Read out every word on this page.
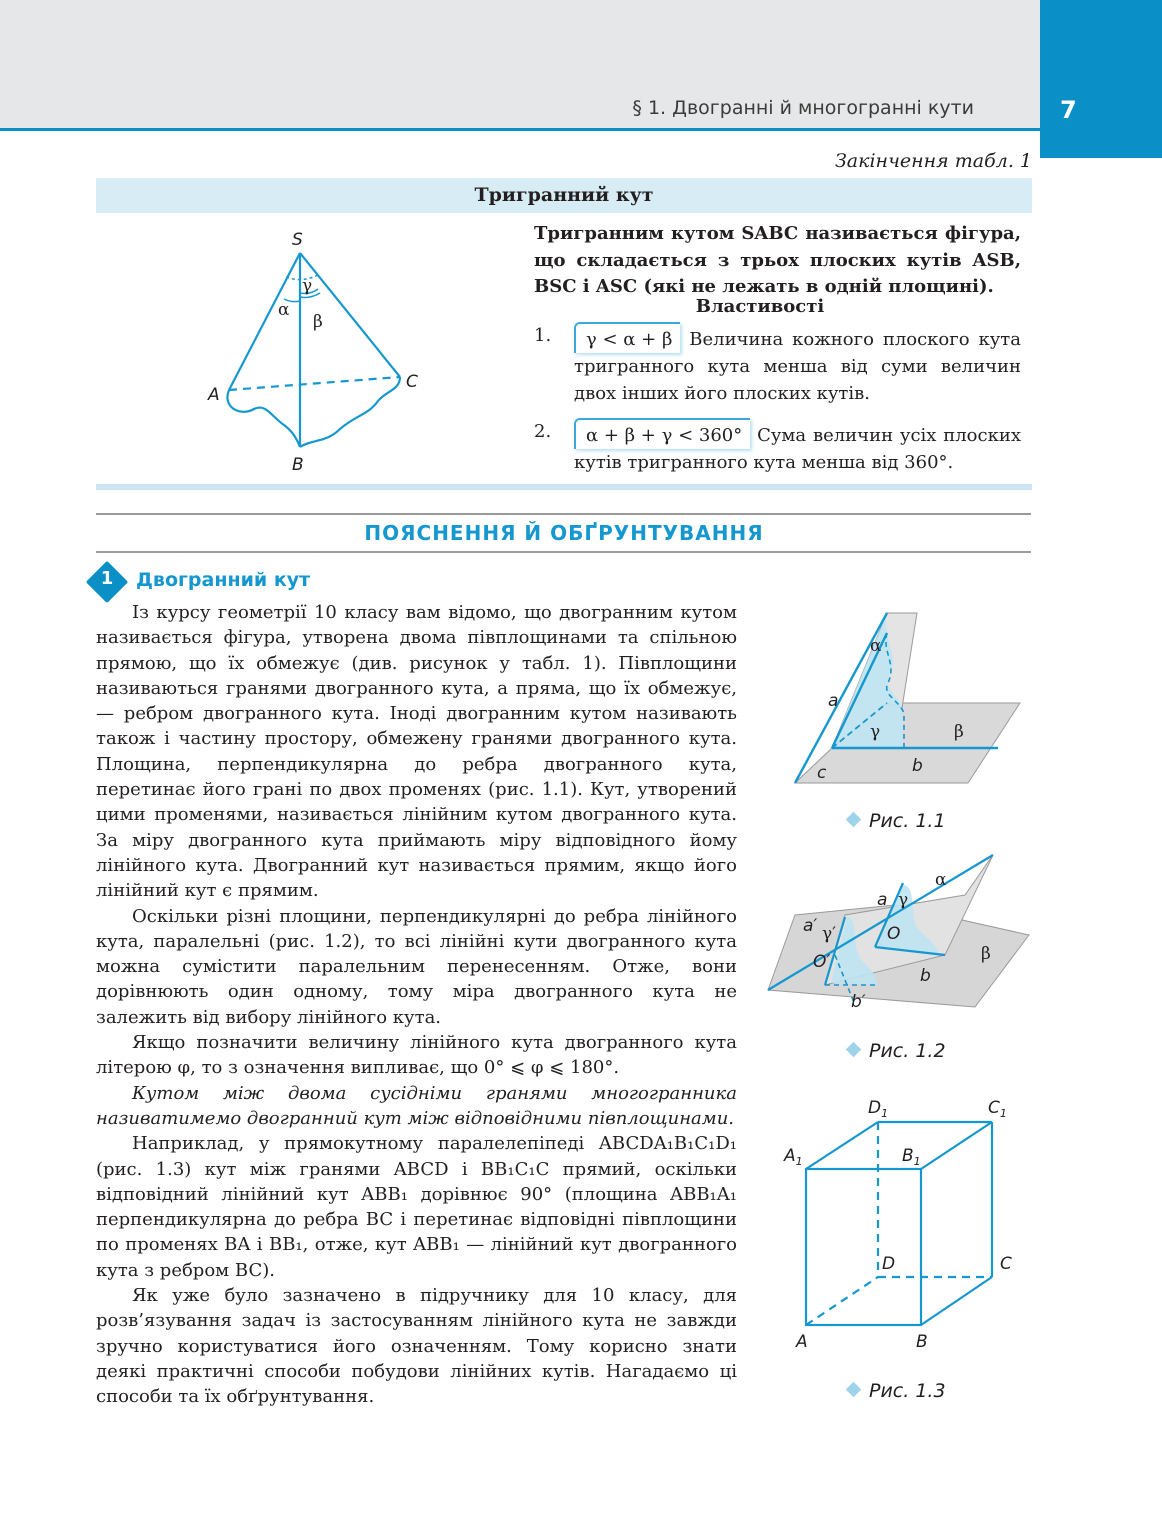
7
§ 1. Двогранні й многогранні кути
Закінчення табл. 1
Тригранний кут
S
A
B
C
α
β
γ
Тригранним кутом SABC називається фігура, що складається з трьох плоских кутів ASB, BSC і ASC (які не лежать в одній площині).
Властивості
1.	γ < α + β Величина кожного плоского кута тригранного кута менша від суми величин двох інших його плоских кутів.
2.	α + β + γ < 360° Сума величин усіх плоских кутів тригранного кута менша від 360°.
ПОЯСНЕННЯ Й ОБҐРУНТУВАННЯ
1 Двогранний кут

Із курсу геометрії 10 класу вам відомо, що двогранним кутом називається фігура, утворена двома півплощинами та спільною прямою, що їх обмежує (див. рисунок у табл. 1). Півплощини називаються гранями двогранного кута, а пряма, що їх обмежує, — ребром двогранного кута. Іноді двогранним кутом називають також і частину простору, обмежену гранями двогранного кута. Площина, перпендикулярна до ребра двогранного кута, перетинає його грані по двох променях (рис. 1.1). Кут, утворений цими променями, називається лінійним кутом двогранного кута. За міру двогранного кута приймають міру відповідного йому лінійного кута. Двогранний кут називається прямим, якщо його лінійний кут є прямим.

Оскільки різні площини, перпендикулярні до ребра лінійного кута, паралельні (рис. 1.2), то всі лінійні кути двогранного кута можна сумістити паралельним перенесенням. Отже, вони дорівнюють один одному, тому міра двогранного кута не залежить від вибору лінійного кута.

Якщо позначити величину лінійного кута двогранного кута літерою φ, то з означення випливає, що 0° ⩽ φ ⩽ 180°.

Кутом між двома сусідніми гранями многогранника називатимемо двогранний кут між відповідними півплощинами.

Наприклад, у прямокутному паралелепіпеді ABCDA₁B₁C₁D₁ (рис. 1.3) кут між гранями ABCD і BB₁C₁C прямий, оскільки відповідний лінійний кут ABB₁ дорівнює 90° (площина ABB₁A₁ перпендикулярна до ребра BC і перетинає відповідні півплощини по променях BA і BB₁, отже, кут ABB₁ — лінійний кут двогранного кута з ребром BC).

Як уже було зазначено в підручнику для 10 класу, для розв’язування задач із застосуванням лінійного кута не завжди зручно користуватися його означенням. Тому корисно знати деякі практичні способи побудови лінійних кутів. Нагадаємо ці способи та їх обґрунтування.

α
β
γ
a
b
c
Рис. 1.1
α
β
γ
γ′
a
a′
b
b′
O
O′
Рис. 1.2
$D_1$	$C_1$
$A_1$	$B_1$
D	C
A	B
Рис. 1.3
